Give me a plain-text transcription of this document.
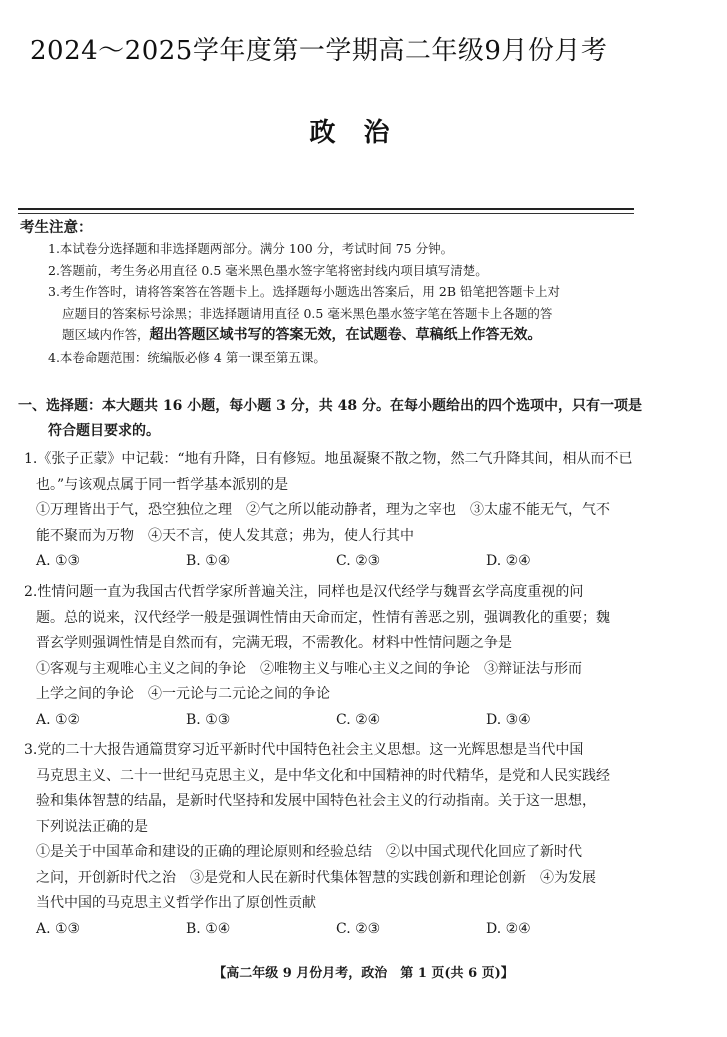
2024～2025学年度第一学期高二年级9月份月考
政治
考生注意：
1.本试卷分选择题和非选择题两部分。满分 100 分，考试时间 75 分钟。
2.答题前，考生务必用直径 0.5 毫米黑色墨水签字笔将密封线内项目填写清楚。
3.考生作答时，请将答案答在答题卡上。选择题每小题选出答案后，用 2B 铅笔把答题卡上对
应题目的答案标号涂黑；非选择题请用直径 0.5 毫米黑色墨水签字笔在答题卡上各题的答
题区域内作答，超出答题区域书写的答案无效，在试题卷、草稿纸上作答无效。
4.本卷命题范围：统编版必修 4 第一课至第五课。
一、选择题：本大题共 16 小题，每小题 3 分，共 48 分。在每小题给出的四个选项中，只有一项是
符合题目要求的。
1.《张子正蒙》中记载：“地有升降，日有修短。地虽凝聚不散之物，然二气升降其间，相从而不已
也。”与该观点属于同一哲学基本派别的是
①万理皆出于气，恐空独位之理　②气之所以能动静者，理为之宰也　③太虚不能无气，气不
能不聚而为万物　④天不言，使人发其意；弗为，使人行其中
A. ①③	B. ①④	C. ②③	D. ②④
2.性情问题一直为我国古代哲学家所普遍关注，同样也是汉代经学与魏晋玄学高度重视的问
题。总的说来，汉代经学一般是强调性情由天命而定，性情有善恶之别，强调教化的重要；魏
晋玄学则强调性情是自然而有，完满无瑕，不需教化。材料中性情问题之争是
①客观与主观唯心主义之间的争论　②唯物主义与唯心主义之间的争论　③辩证法与形而
上学之间的争论　④一元论与二元论之间的争论
A. ①②	B. ①③	C. ②④	D. ③④
3.党的二十大报告通篇贯穿习近平新时代中国特色社会主义思想。这一光辉思想是当代中国
马克思主义、二十一世纪马克思主义，是中华文化和中国精神的时代精华，是党和人民实践经
验和集体智慧的结晶，是新时代坚持和发展中国特色社会主义的行动指南。关于这一思想，
下列说法正确的是
①是关于中国革命和建设的正确的理论原则和经验总结　②以中国式现代化回应了新时代
之问，开创新时代之治　③是党和人民在新时代集体智慧的实践创新和理论创新　④为发展
当代中国的马克思主义哲学作出了原创性贡献
A. ①③	B. ①④	C. ②③	D. ②④
【高二年级 9 月份月考，政治　第 1 页(共 6 页)】
